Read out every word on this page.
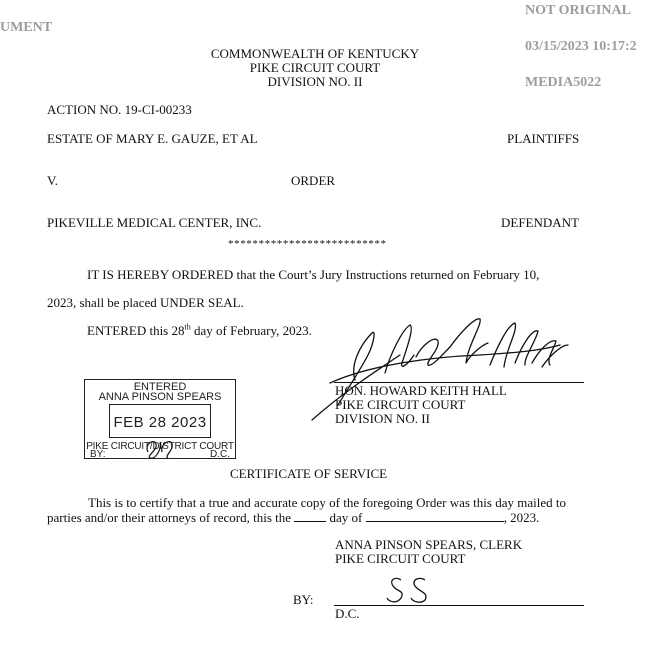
UMENT
NOT ORIGINAL
03/15/2023 10:17:2
MEDIA5022
COMMONWEALTH OF KENTUCKY
PIKE CIRCUIT COURT
DIVISION NO. II
ACTION NO. 19-CI-00233
ESTATE OF MARY E. GAUZE, ET AL	PLAINTIFFS
V.	ORDER
PIKEVILLE MEDICAL CENTER, INC.	DEFENDANT
**************************
IT IS HEREBY ORDERED that the Court’s Jury Instructions returned on February 10,
2023, shall be placed UNDER SEAL.
ENTERED this 28th day of February, 2023.
HON. HOWARD KEITH HALL
PIKE CIRCUIT COURT
DIVISION NO. II
ENTERED
ANNA PINSON SPEARS
FEB 28 2023
PIKE CIRCUIT/DISTRICT COURT
BY:	D.C.
CERTIFICATE OF SERVICE
This is to certify that a true and accurate copy of the foregoing Order was this day mailed to
parties and/or their attorneys of record, this the	day of	, 2023.
ANNA PINSON SPEARS, CLERK
PIKE CIRCUIT COURT
BY:
D.C.
